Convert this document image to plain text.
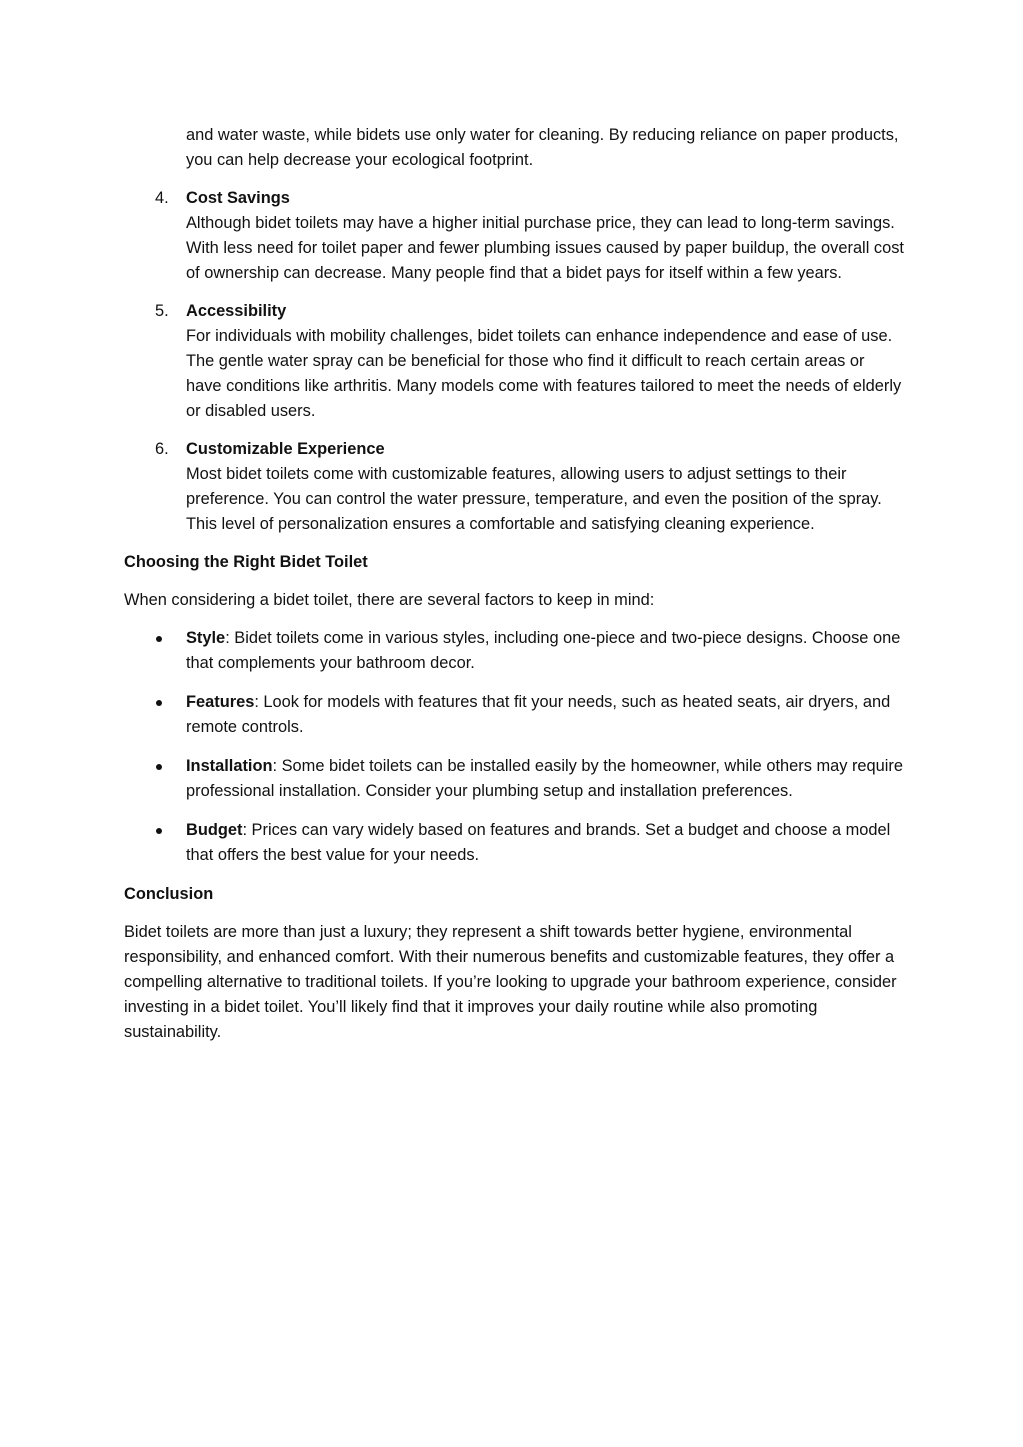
and water waste, while bidets use only water for cleaning. By reducing reliance on paper products, you can help decrease your ecological footprint.

4. Cost Savings
Although bidet toilets may have a higher initial purchase price, they can lead to long-term savings. With less need for toilet paper and fewer plumbing issues caused by paper buildup, the overall cost of ownership can decrease. Many people find that a bidet pays for itself within a few years.
5. Accessibility
For individuals with mobility challenges, bidet toilets can enhance independence and ease of use. The gentle water spray can be beneficial for those who find it difficult to reach certain areas or have conditions like arthritis. Many models come with features tailored to meet the needs of elderly or disabled users.
6. Customizable Experience
Most bidet toilets come with customizable features, allowing users to adjust settings to their preference. You can control the water pressure, temperature, and even the position of the spray. This level of personalization ensures a comfortable and satisfying cleaning experience.

Choosing the Right Bidet Toilet

When considering a bidet toilet, there are several factors to keep in mind:

Style: Bidet toilets come in various styles, including one-piece and two-piece designs. Choose one that complements your bathroom decor.
Features: Look for models with features that fit your needs, such as heated seats, air dryers, and remote controls.
Installation: Some bidet toilets can be installed easily by the homeowner, while others may require professional installation. Consider your plumbing setup and installation preferences.
Budget: Prices can vary widely based on features and brands. Set a budget and choose a model that offers the best value for your needs.

Conclusion

Bidet toilets are more than just a luxury; they represent a shift towards better hygiene, environmental responsibility, and enhanced comfort. With their numerous benefits and customizable features, they offer a compelling alternative to traditional toilets. If you’re looking to upgrade your bathroom experience, consider investing in a bidet toilet. You’ll likely find that it improves your daily routine while also promoting sustainability.
